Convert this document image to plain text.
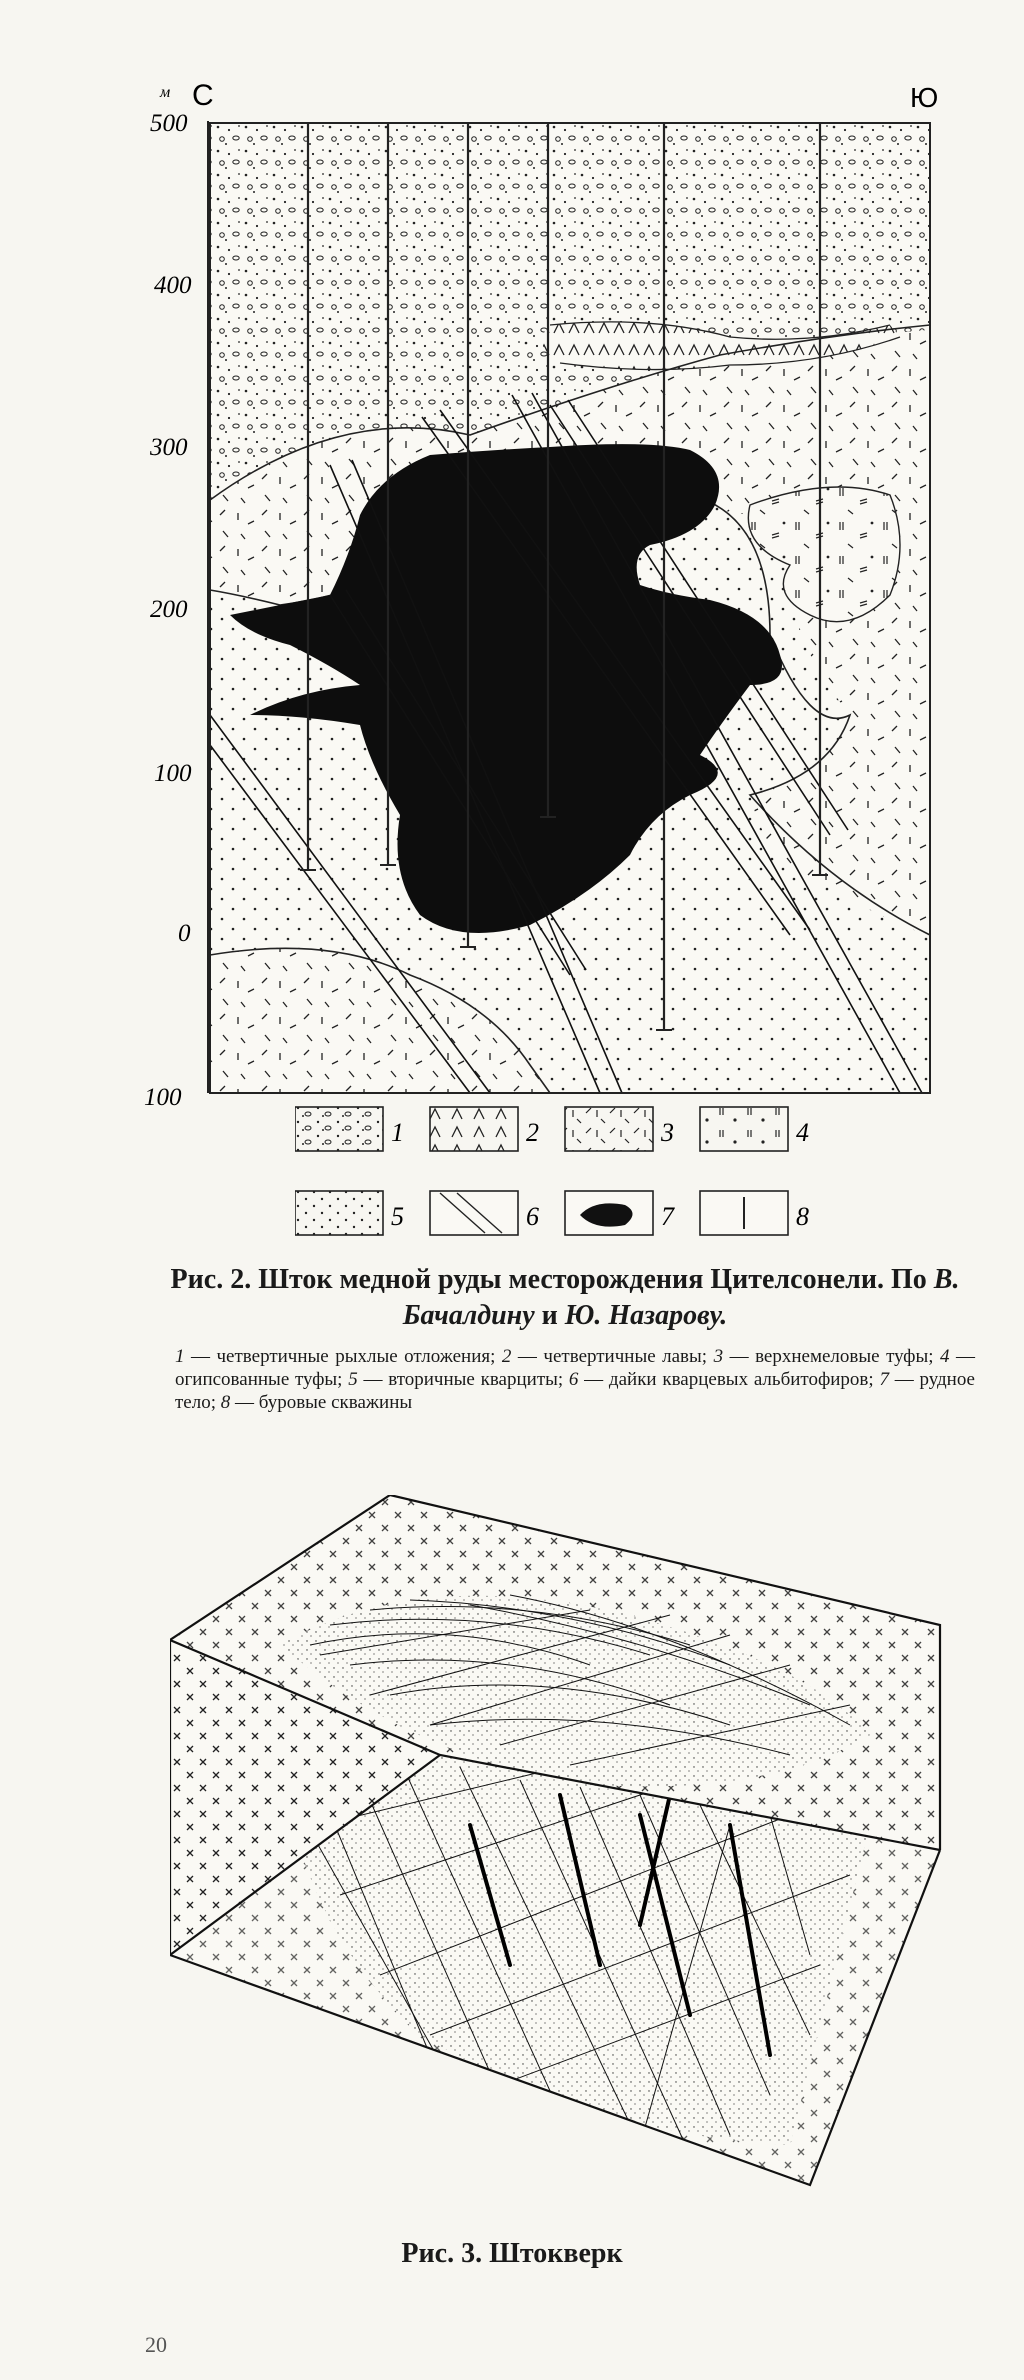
м С	Ю
500
400
300
200
100
0
100
1	2	3	4
5	6	7	8
Рис. 2. Шток медной руды месторождения Цителсонели. По В. Бачалдину и Ю. Назарову.
1 — четвертичные рыхлые отложения; 2 — четвертичные лавы; 3 — верхнемеловые туфы; 4 — огипсованные туфы; 5 — вторичные кварциты; 6 — дайки кварцевых альбитофиров; 7 — рудное тело; 8 — буровые скважины
Рис. 3. Штокверк
20
